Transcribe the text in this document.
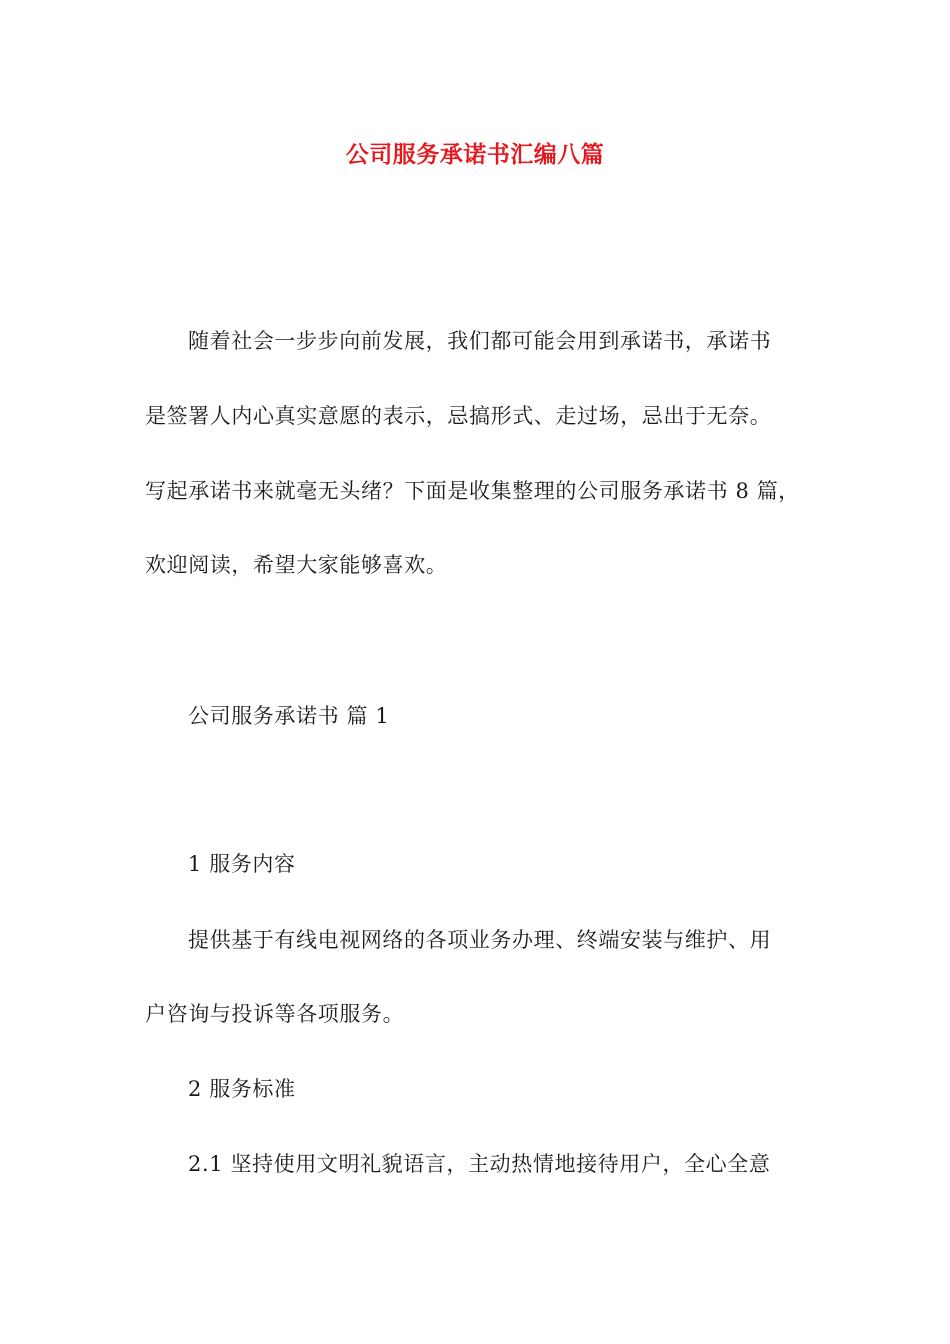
公司服务承诺书汇编八篇
随着社会一步步向前发展，我们都可能会用到承诺书，承诺书
是签署人内心真实意愿的表示，忌搞形式、走过场，忌出于无奈。
写起承诺书来就毫无头绪？下面是收集整理的公司服务承诺书 8 篇，
欢迎阅读，希望大家能够喜欢。
公司服务承诺书 篇 1
1 服务内容
提供基于有线电视网络的各项业务办理、终端安装与维护、用
户咨询与投诉等各项服务。
2 服务标准
2.1 坚持使用文明礼貌语言，主动热情地接待用户，全心全意
